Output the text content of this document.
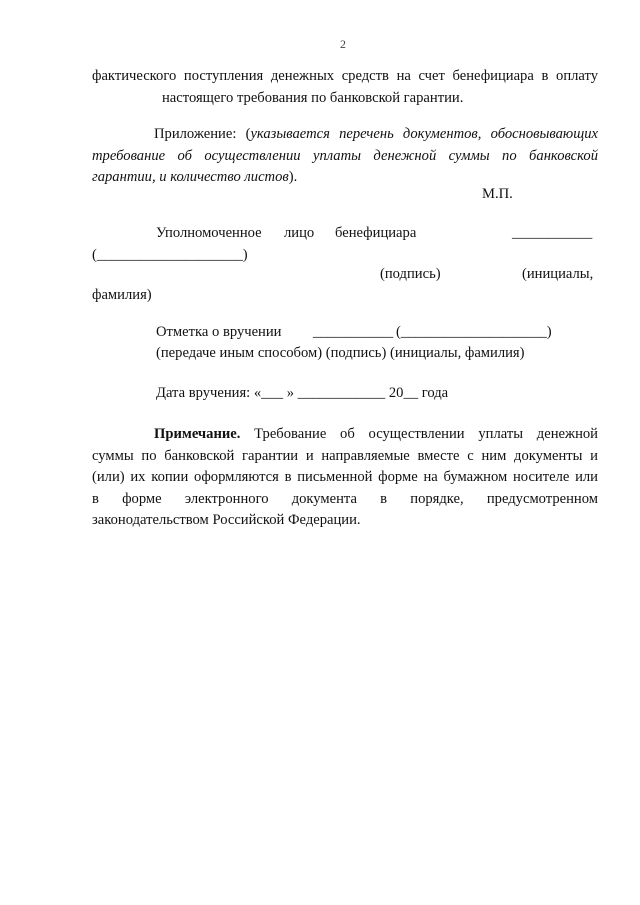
2
фактического поступления денежных средств на счет бенефициара в оплату
настоящего требования по банковской гарантии.
Приложение: (указывается перечень документов, обосновывающих
требование об осуществлении уплаты денежной суммы по банковской
гарантии, и количество листов).
М.П.
Уполномоченное лицо бенефициара	___________
(____________________)
(подпись)	(инициалы,
фамилия)
Отметка о вручении ___________ (____________________)
(передаче иным способом) (подпись) (инициалы, фамилия)
Дата вручения: «___ » ____________ 20__ года
Примечание. Требование об осуществлении уплаты денежной
суммы по банковской гарантии и направляемые вместе с ним документы и
(или) их копии оформляются в письменной форме на бумажном носителе или
в форме электронного документа в порядке, предусмотренном
законодательством Российской Федерации.
